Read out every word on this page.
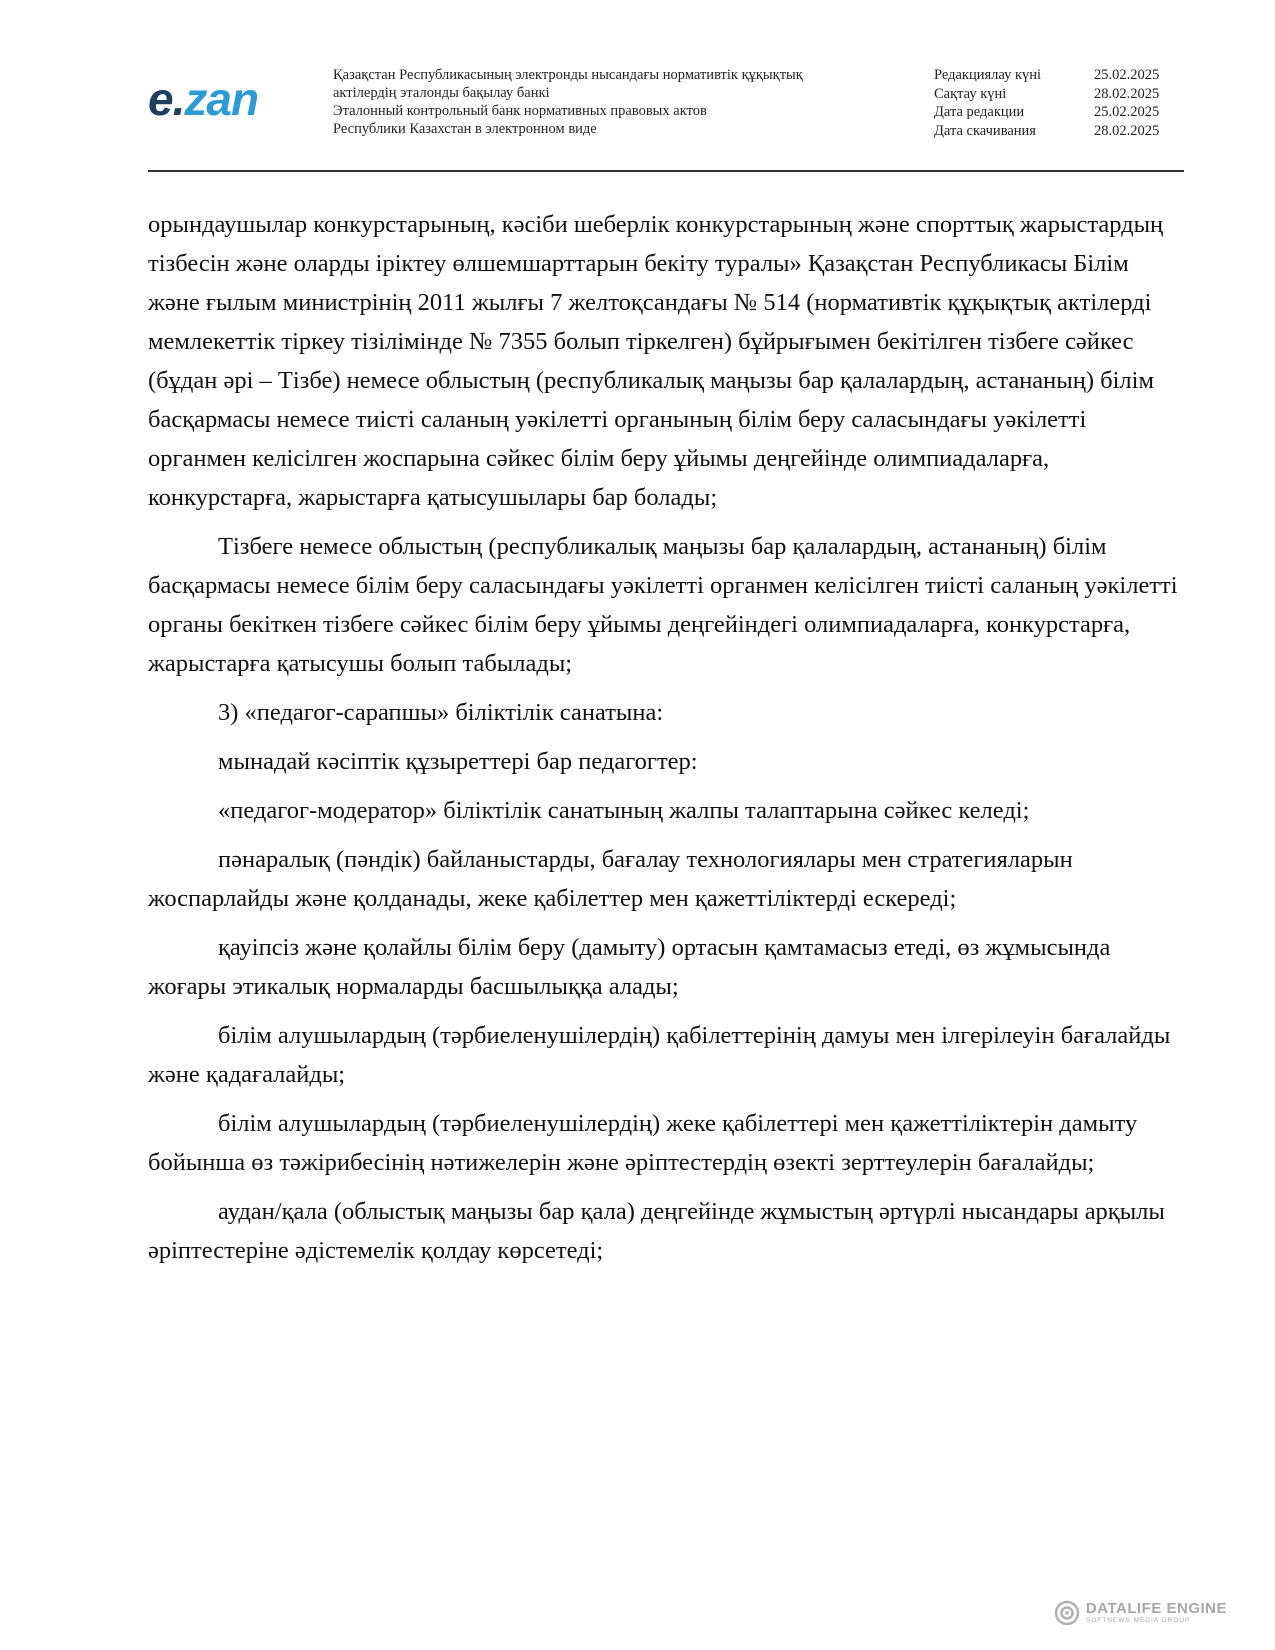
e.zan	Қазақстан Республикасының электронды нысандағы нормативтік құқықтық
актілердің эталонды бақылау банкі
Эталонный контрольный банк нормативных правовых актов
Республики Казахстан в электронном виде
Редакциялау күні	25.02.2025
Сақтау күні	28.02.2025
Дата редакции	25.02.2025
Дата скачивания	28.02.2025

орындаушылар конкурстарының, кәсіби шеберлік конкурстарының және спорттық жарыстардың тізбесін және оларды іріктеу өлшемшарттарын бекіту туралы» Қазақстан Республикасы Білім және ғылым министрінің 2011 жылғы 7 желтоқсандағы № 514 (нормативтік құқықтық актілерді мемлекеттік тіркеу тізілімінде № 7355 болып тіркелген) бұйрығымен бекітілген тізбеге сәйкес (бұдан әрі – Тізбе) немесе облыстың (республикалық маңызы бар қалалардың, астананың) білім басқармасы немесе тиісті саланың уәкілетті органының білім беру саласындағы уәкілетті органмен келісілген жоспарына сәйкес білім беру ұйымы деңгейінде олимпиадаларға, конкурстарға, жарыстарға қатысушылары бар болады;

Тізбеге немесе облыстың (республикалық маңызы бар қалалардың, астананың) білім басқармасы немесе білім беру саласындағы уәкілетті органмен келісілген тиісті саланың уәкілетті органы бекіткен тізбеге сәйкес білім беру ұйымы деңгейіндегі олимпиадаларға, конкурстарға, жарыстарға қатысушы болып табылады;

3) «педагог-сарапшы» біліктілік санатына:

мынадай кәсіптік құзыреттері бар педагогтер:

«педагог-модератор» біліктілік санатының жалпы талаптарына сәйкес келеді;

пәнаралық (пәндік) байланыстарды, бағалау технологиялары мен стратегияларын жоспарлайды және қолданады, жеке қабілеттер мен қажеттіліктерді ескереді;

қауіпсіз және қолайлы білім беру (дамыту) ортасын қамтамасыз етеді, өз жұмысында жоғары этикалық нормаларды басшылыққа алады;

білім алушылардың (тәрбиеленушілердің) қабілеттерінің дамуы мен ілгерілеуін бағалайды және қадағалайды;

білім алушылардың (тәрбиеленушілердің) жеке қабілеттері мен қажеттіліктерін дамыту бойынша өз тәжірибесінің нәтижелерін және әріптестердің өзекті зерттеулерін бағалайды;

аудан/қала (облыстық маңызы бар қала) деңгейінде жұмыстың әртүрлі нысандары арқылы әріптестеріне әдістемелік қолдау көрсетеді;

DATALIFE ENGINE
SOFTNEWS MEDIA GROUP
